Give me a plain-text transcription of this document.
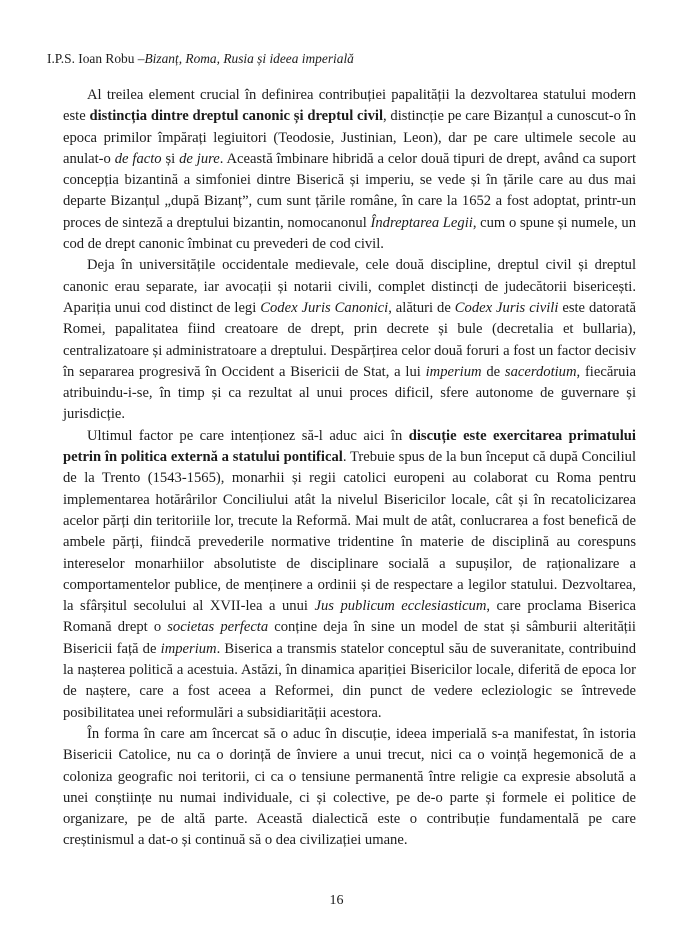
I.P.S. Ioan Robu –Bizanț, Roma, Rusia și ideea imperială

Al treilea element crucial în definirea contribuției papalității la dezvoltarea statului modern este distincția dintre dreptul canonic și dreptul civil, distincție pe care Bizanțul a cunoscut-o în epoca primilor împărați legiuitori (Teodosie, Justinian, Leon), dar pe care ultimele secole au anulat-o de facto și de jure. Această îmbinare hibridă a celor două tipuri de drept, având ca suport concepția bizantină a simfoniei dintre Biserică și imperiu, se vede și în țările care au dus mai departe Bizanțul „după Bizanț”, cum sunt țările române, în care la 1652 a fost adoptat, printr-un proces de sinteză a dreptului bizantin, nomocanonul Îndreptarea Legii, cum o spune și numele, un cod de drept canonic îmbinat cu prevederi de cod civil.

Deja în universitățile occidentale medievale, cele două discipline, dreptul civil și dreptul canonic erau separate, iar avocații și notarii civili, complet distincți de judecătorii bisericești. Apariția unui cod distinct de legi Codex Juris Canonici, alături de Codex Juris civili este datorată Romei, papalitatea fiind creatoare de drept, prin decrete și bule (decretalia et bullaria), centralizatoare și administratoare a dreptului. Despărțirea celor două foruri a fost un factor decisiv în separarea progresivă în Occident a Bisericii de Stat, a lui imperium de sacerdotium, fiecăruia atribuindu-i-se, în timp și ca rezultat al unui proces dificil, sfere autonome de guvernare și jurisdicție.

Ultimul factor pe care intenționez să-l aduc aici în discuție este exercitarea primatului petrin în politica externă a statului pontifical. Trebuie spus de la bun început că după Conciliul de la Trento (1543-1565), monarhii și regii catolici europeni au colaborat cu Roma pentru implementarea hotărârilor Conciliului atât la nivelul Bisericilor locale, cât și în recatolicizarea acelor părți din teritoriile lor, trecute la Reformă. Mai mult de atât, conlucrarea a fost benefică de ambele părți, fiindcă prevederile normative tridentine în materie de disciplină au corespuns intereselor monarhiilor absolutiste de disciplinare socială a supușilor, de raționalizare a comportamentelor publice, de menținere a ordinii și de respectare a legilor statului. Dezvoltarea, la sfârșitul secolului al XVII-lea a unui Jus publicum ecclesiasticum, care proclama Biserica Romană drept o societas perfecta conține deja în sine un model de stat și sâmburii alterității Bisericii față de imperium. Biserica a transmis statelor conceptul său de suveranitate, contribuind la nașterea politică a acestuia. Astăzi, în dinamica apariției Bisericilor locale, diferită de epoca lor de naștere, care a fost aceea a Reformei, din punct de vedere ecleziologic se întrevede posibilitatea unei reformulări a subsidiarității acestora.

În forma în care am încercat să o aduc în discuție, ideea imperială s-a manifestat, în istoria Bisericii Catolice, nu ca o dorință de înviere a unui trecut, nici ca o voință hegemonică de a coloniza geografic noi teritorii, ci ca o tensiune permanentă între religie ca expresie absolută a unei conștiințe nu numai individuale, ci și colective, pe de-o parte și formele ei politice de organizare, pe de altă parte. Această dialectică este o contribuție fundamentală pe care creștinismul a dat-o și continuă să o dea civilizației umane.

16
